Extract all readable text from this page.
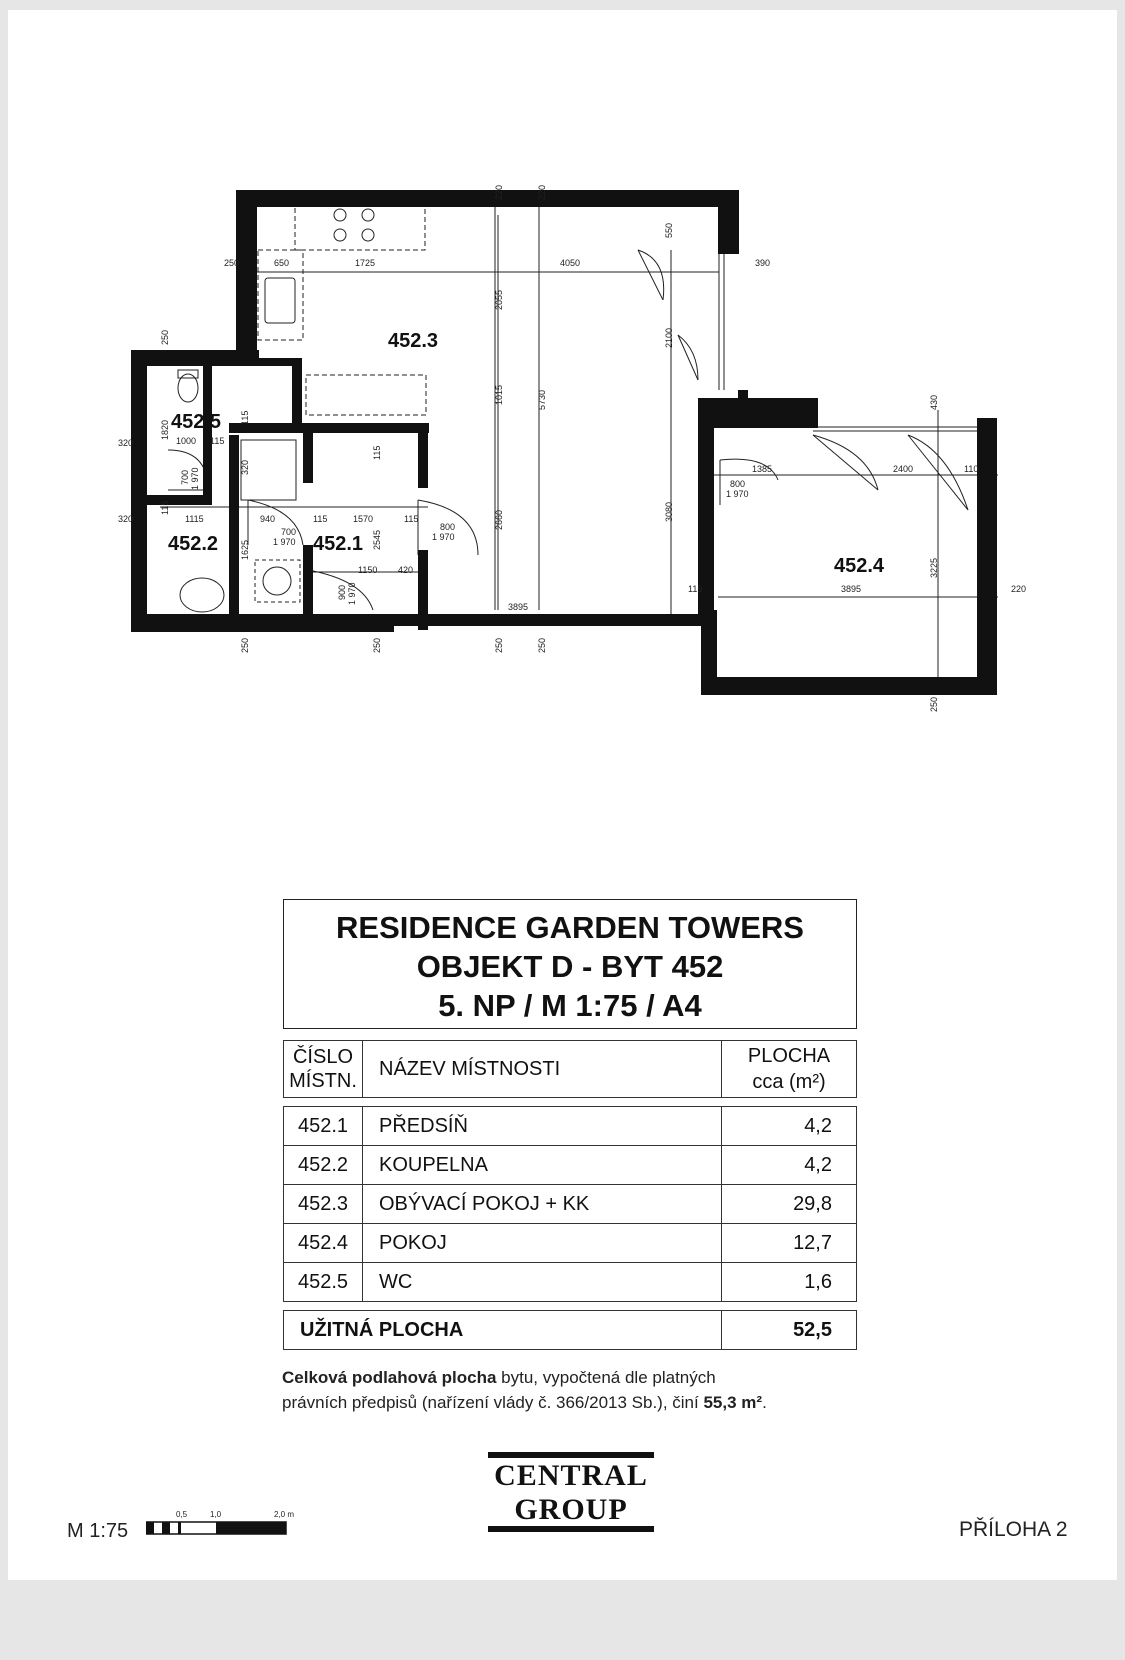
452.3
452.5
452.2	452.1
452.4
250	650	1725	4050	390
3895
3895
115	220
1385	2400	110
800
1 970
320
320
1000 115
1115	940	115	1570	115
700
1 970
800
1 970
1150 420
220	220
550
2100
2055
1015	5730
2660	3080
250
1820
115
320
700 1 970
115
115
2545
1625
900 1 970
430
3225
250	250	250	250
250
RESIDENCE GARDEN TOWERS
OBJEKT D - BYT 452
5. NP / M 1:75 / A4
ČÍSLO
MÍSTN.	NÁZEV MÍSTNOSTI	PLOCHA
cca (m²)

452.1	PŘEDSÍŇ	4,2
452.2	KOUPELNA	4,2
452.3	OBÝVACÍ POKOJ + KK	29,8
452.4	POKOJ	12,7
452.5	WC	1,6

UŽITNÁ PLOCHA		52,5
Celková podlahová plocha bytu, vypočtená dle platných
právních předpisů (nařízení vlády č. 366/2013 Sb.), činí 55,3 m².
CENTRAL
GROUP
M 1:75
0,5	1,0	2,0 m
PŘÍLOHA 2
